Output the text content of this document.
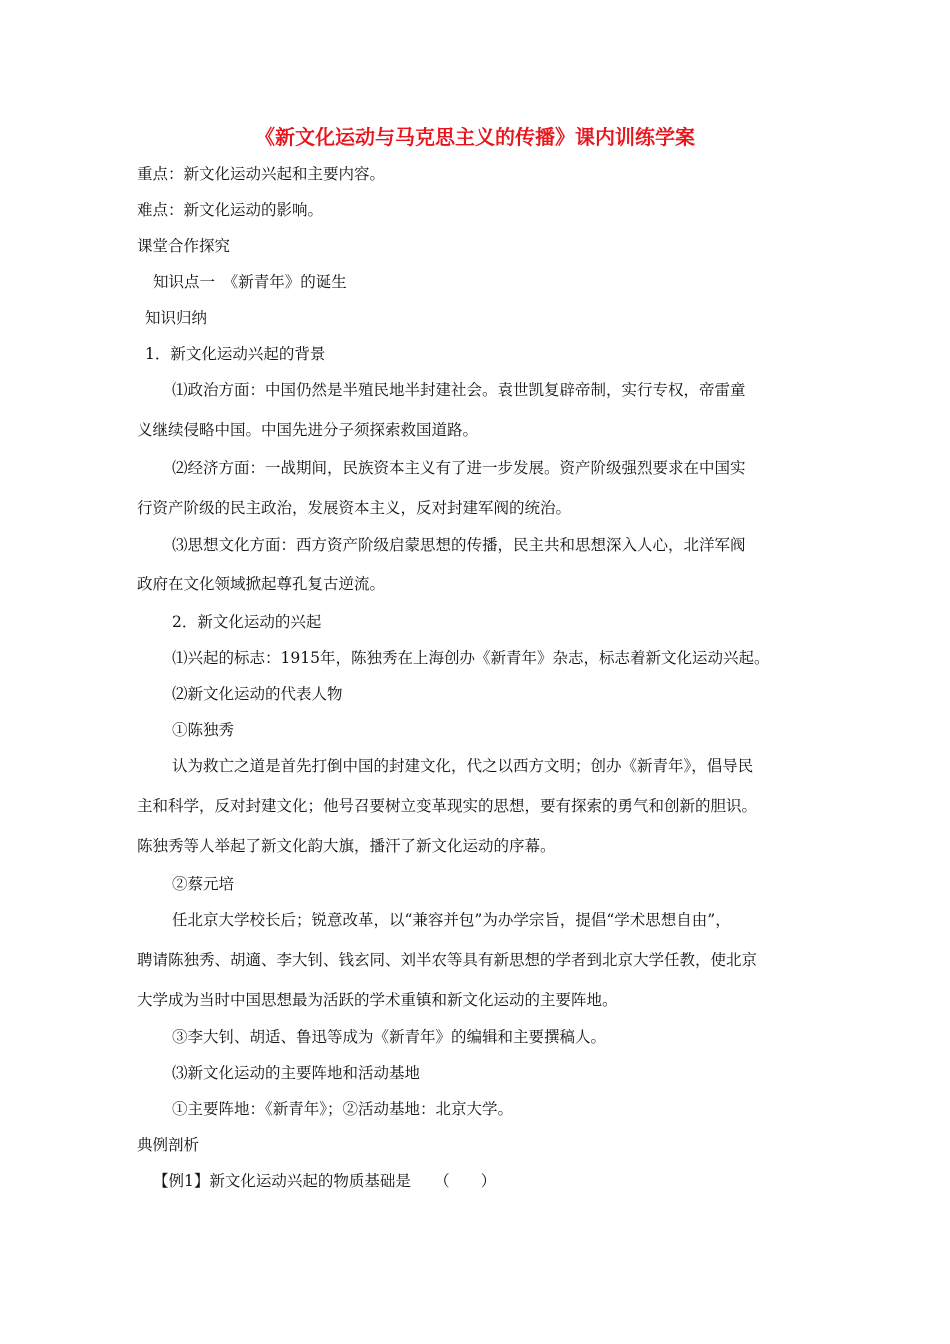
《新文化运动与马克思主义的传播》课内训练学案

重点：新文化运动兴起和主要内容。

难点：新文化运动的影响。

课堂合作探究

知识点一　《新青年》的诞生

知识归纳

1．新文化运动兴起的背景

⑴政治方面：中国仍然是半殖民地半封建社会。袁世凯复辟帝制，实行专权，帝雷童

义继续侵略中国。中国先进分子须探索救国道路。

⑵经济方面：一战期间，民族资本主义有了进一步发展。资产阶级强烈要求在中国实

行资产阶级的民主政治，发展资本主义，反对封建军阀的统治。

⑶思想文化方面：西方资产阶级启蒙思想的传播，民主共和思想深入人心，北洋军阀

政府在文化领域掀起尊孔复古逆流。

2．新文化运动的兴起

⑴兴起的标志：1915年，陈独秀在上海创办《新青年》杂志，标志着新文化运动兴起。

⑵新文化运动的代表人物

①陈独秀

认为救亡之道是首先打倒中国的封建文化，代之以西方文明；创办《新青年》，倡导民

主和科学，反对封建文化；他号召要树立变革现实的思想，要有探索的勇气和创新的胆识。

陈独秀等人举起了新文化韵大旗，播汗了新文化运动的序幕。

②蔡元培

任北京大学校长后；锐意改革，以“兼容并包”为办学宗旨，提倡“学术思想自由”，

聘请陈独秀、胡適、李大钊、钱玄同、刘半农等具有新思想的学者到北京大学任教，使北京

大学成为当时中国思想最为活跃的学术重镇和新文化运动的主要阵地。

③李大钊、胡适、鲁迅等成为《新青年》的编辑和主要撰稿人。

⑶新文化运动的主要阵地和活动基地

①主要阵地：《新青年》；②活动基地：北京大学。

典例剖析

【例1】新文化运动兴起的物质基础是　　（　　）
